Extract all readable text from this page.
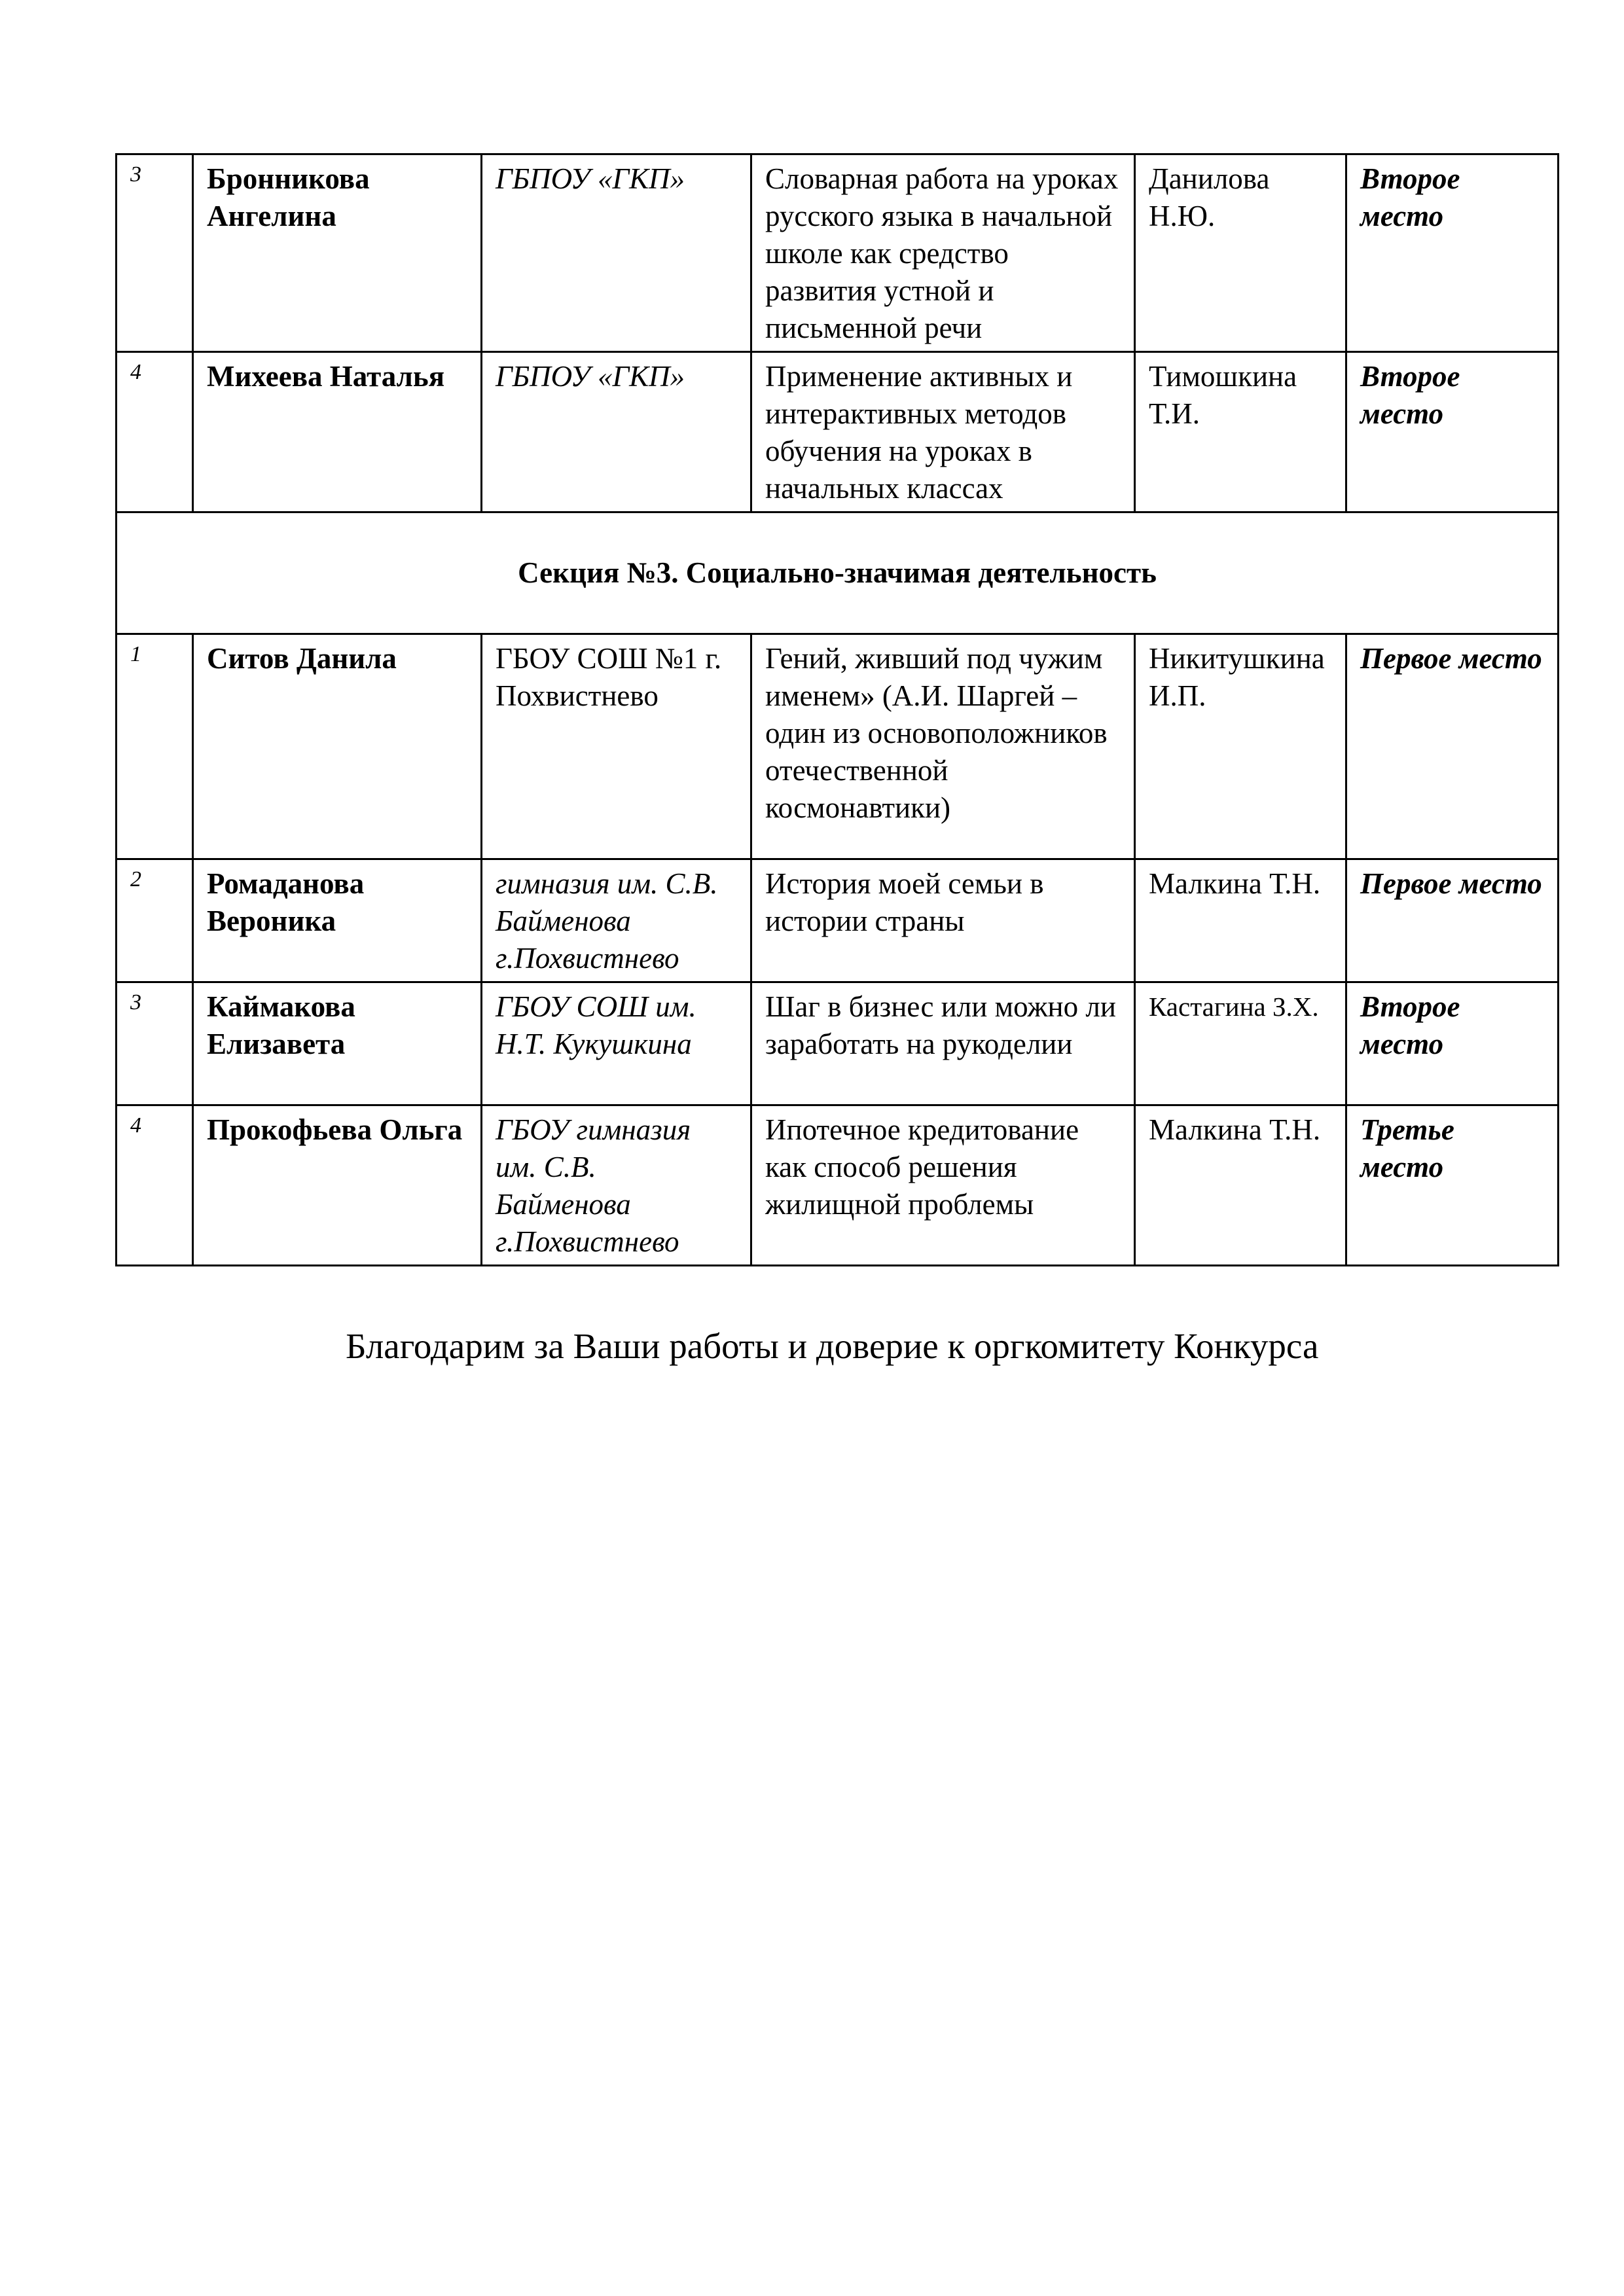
3	Бронникова Ангелина	ГБПОУ «ГКП»	Словарная работа на уроках русского языка в начальной школе как средство развития устной и письменной речи	Данилова Н.Ю.	Второе место
4	Михеева Наталья	ГБПОУ «ГКП»	Применение активных и интерактивных методов обучения на уроках в начальных классах	Тимошкина Т.И.	Второе место
Секция №3. Социально-значимая деятельность					
1	Ситов Данила	ГБОУ СОШ №1 г. Похвистнево	Гений, живший под чужим именем» (А.И. Шаргей – один из основоположников отечественной космонавтики)	Никитушкина И.П.	Первое место
2	Ромаданова Вероника	гимназия им. С.В. Байменова г.Похвистнево	История моей семьи в истории страны	Малкина Т.Н.	Первое место
3	Каймакова Елизавета	ГБОУ СОШ им. Н.Т. Кукушкина	Шаг в бизнес или можно ли заработать на рукоделии	Кастагина З.Х.	Второе место
4	Прокофьева Ольга	ГБОУ гимназия им. С.В. Байменова г.Похвистнево	Ипотечное кредитование как способ решения жилищной проблемы	Малкина Т.Н.	Третье место
Благодарим за Ваши работы и доверие к оргкомитету Конкурса
